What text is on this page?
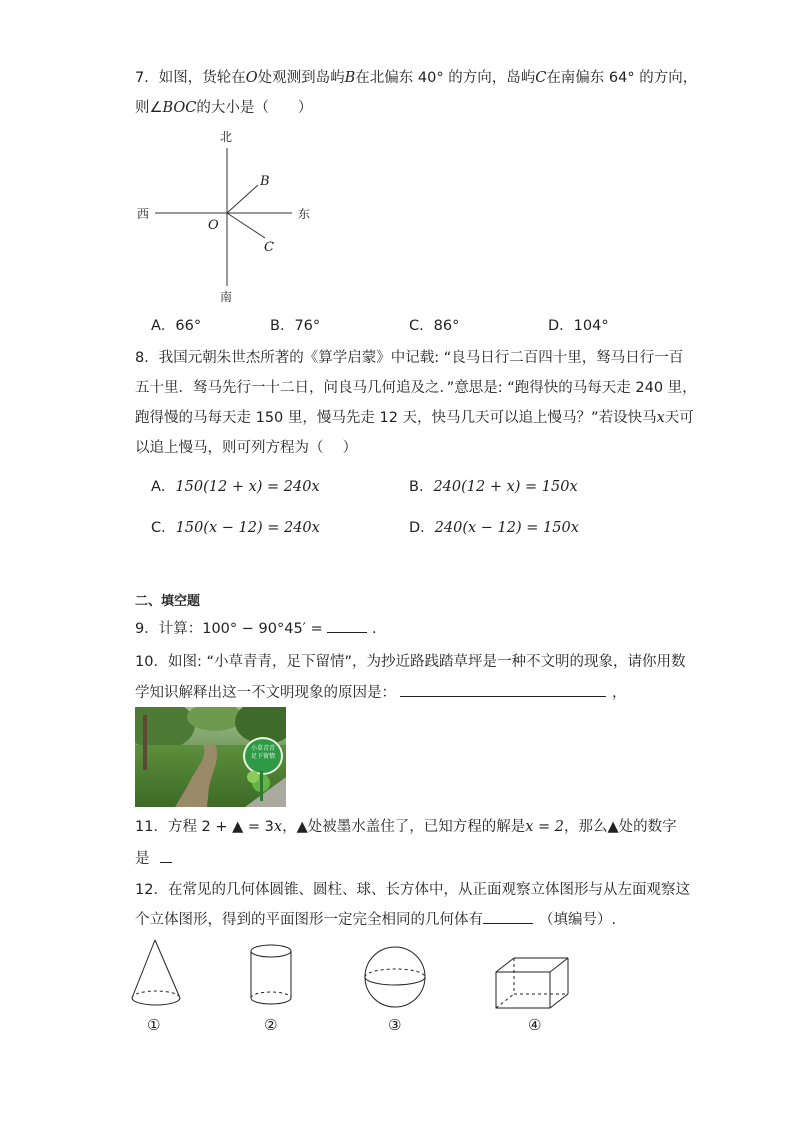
7．如图，货轮在O处观测到岛屿B在北偏东 40° 的方向，岛屿C在南偏东 64° 的方向，
则∠BOC的大小是（　　）
北
南
西	东
O
B
C
A．66°	B．76°	C．86°	D．104°
8．我国元朝朱世杰所著的《算学启蒙》中记载: “良马日行二百四十里，驽马日行一百
五十里．驽马先行一十二日，问良马几何追及之．”意思是: “跑得快的马每天走 240 里，
跑得慢的马每天走 150 里，慢马先走 12 天，快马几天可以追上慢马？”若设快马x天可
以追上慢马，则可列方程为（　 ）
A．150(12 + x) = 240x	B．240(12 + x) = 150x
C．150(x − 12) = 240x	D．240(x − 12) = 150x
二、填空题
9．计算：100° − 90°45′ =	.
10．如图: “小草青青，足下留情”，为抄近路践踏草坪是一种不文明的现象，请你用数
学知识解释出这一不文明现象的原因是：	，
小草青青
足下留情
11．方程 2 + ▲ = 3x，▲处被墨水盖住了，已知方程的解是x = 2，那么▲处的数字
是
12．在常见的几何体圆锥、圆柱、球、长方体中，从正面观察立体图形与从左面观察这
个立体图形，得到的平面图形一定完全相同的几何体有	（填编号）.
①	②	③	④
